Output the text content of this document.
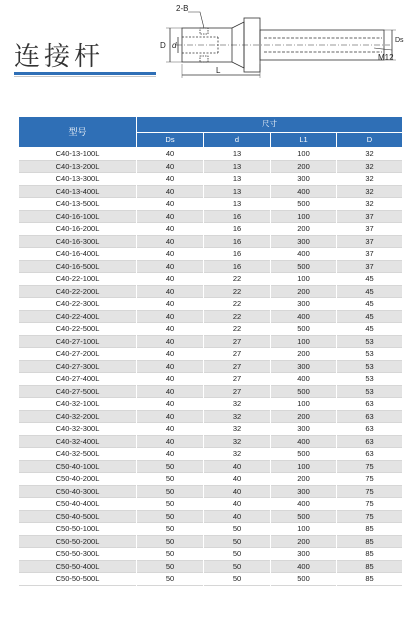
连接杆
2-B
D d
L
Ds
M12
型号	尺寸			
	Ds	d	L1	D
C40-13-100L	40	13	100	32
C40-13-200L	40	13	200	32
C40-13-300L	40	13	300	32
C40-13-400L	40	13	400	32
C40-13-500L	40	13	500	32
C40-16-100L	40	16	100	37
C40-16-200L	40	16	200	37
C40-16-300L	40	16	300	37
C40-16-400L	40	16	400	37
C40-16-500L	40	16	500	37
C40-22-100L	40	22	100	45
C40-22-200L	40	22	200	45
C40-22-300L	40	22	300	45
C40-22-400L	40	22	400	45
C40-22-500L	40	22	500	45
C40-27-100L	40	27	100	53
C40-27-200L	40	27	200	53
C40-27-300L	40	27	300	53
C40-27-400L	40	27	400	53
C40-27-500L	40	27	500	53
C40-32-100L	40	32	100	63
C40-32-200L	40	32	200	63
C40-32-300L	40	32	300	63
C40-32-400L	40	32	400	63
C40-32-500L	40	32	500	63
C50-40-100L	50	40	100	75
C50-40-200L	50	40	200	75
C50-40-300L	50	40	300	75
C50-40-400L	50	40	400	75
C50-40-500L	50	40	500	75
C50-50-100L	50	50	100	85
C50-50-200L	50	50	200	85
C50-50-300L	50	50	300	85
C50-50-400L	50	50	400	85
C50-50-500L	50	50	500	85
